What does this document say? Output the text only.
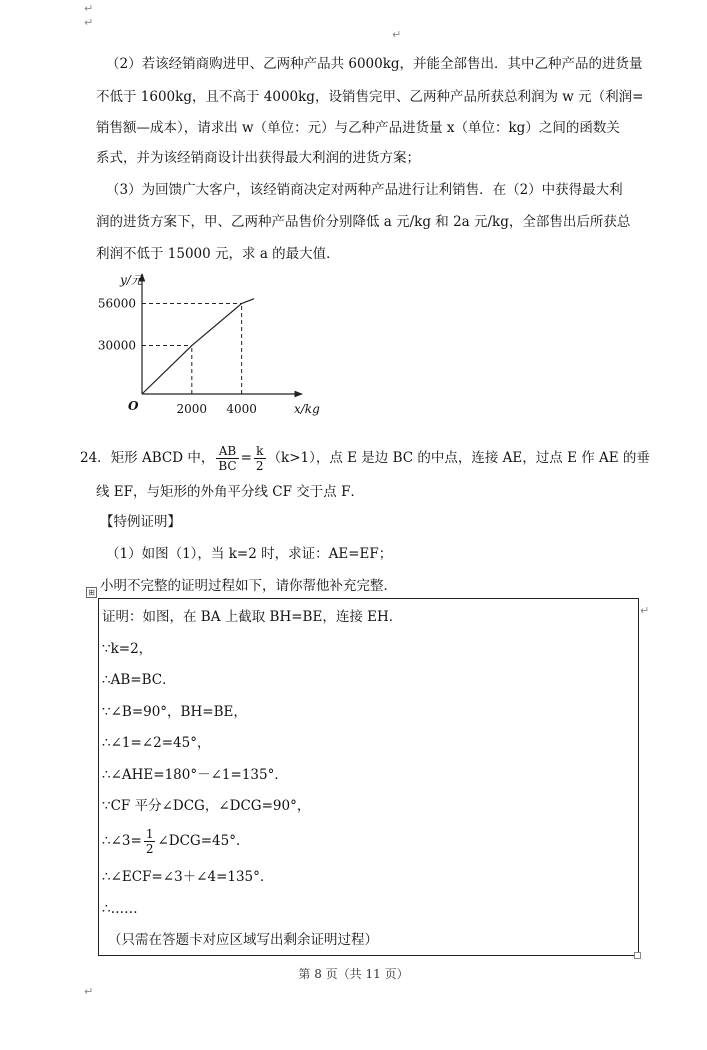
↵
↵
↵
（2）若该经销商购进甲、乙两种产品共 6000kg，并能全部售出．其中乙种产品的进货量
不低于 1600kg，且不高于 4000kg，设销售完甲、乙两种产品所获总利润为 w 元（利润=
销售额—成本），请求出 w（单位：元）与乙种产品进货量 x（单位：kg）之间的函数关
系式，并为该经销商设计出获得最大利润的进货方案；
（3）为回馈广大客户，该经销商决定对两种产品进行让利销售．在（2）中获得最大利
润的进货方案下，甲、乙两种产品售价分别降低 a 元/kg 和 2a 元/kg，全部售出后所获总
利润不低于 15000 元，求 a 的最大值．
2000 4000
30000
56000
y/元
x/kg
O
24．矩形 ABCD 中， $\frac{AB}{BC} = \frac{k}{2} (k>1)$，点 E 是边 BC 的中点，连接 AE，过点 E 作 AE 的垂
线 EF，与矩形的外角平分线 CF 交于点 F．
【特例证明】
（1）如图（1），当 k=2 时，求证：AE=EF；
小明不完整的证明过程如下，请你帮他补充完整．
⊞
↵
证明：如图，在 BA 上截取 BH=BE，连接 EH．
∵k=2，
∴AB=BC．
∵∠B=90°，BH=BE，
∴∠1=∠2=45°，
∴∠AHE=180°－∠1=135°．
∵CF 平分∠DCG，∠DCG=90°，
∴∠3= $\frac{1}{2}$ ∠DCG=45°．
∴∠ECF=∠3＋∠4=135°．
∴……
（只需在答题卡对应区域写出剩余证明过程）
第 8 页（共 11 页）
↵
